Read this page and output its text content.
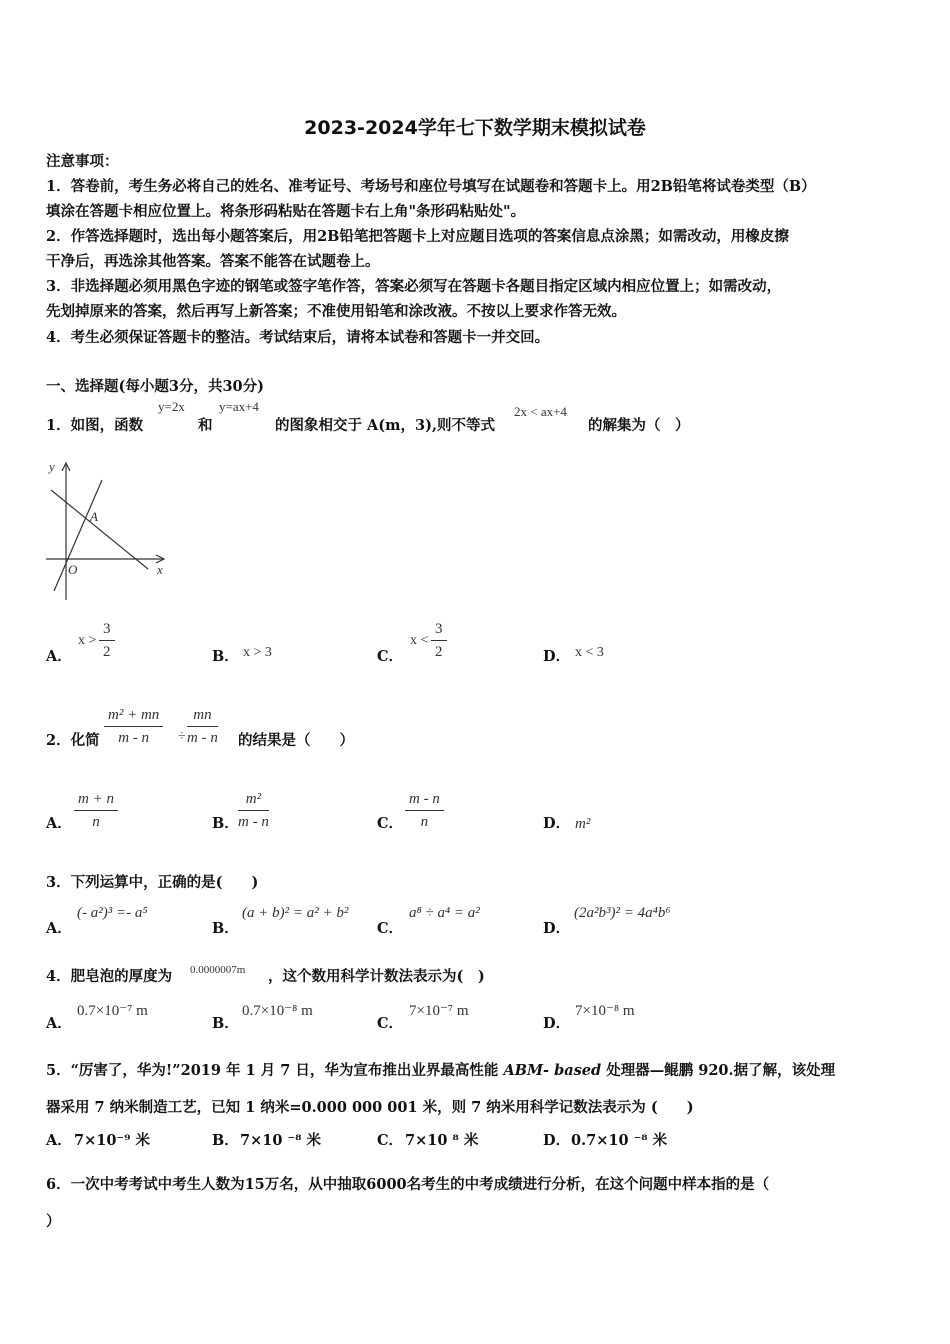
2023-2024学年七下数学期末模拟试卷
注意事项：
1．答卷前，考生务必将自己的姓名、准考证号、考场号和座位号填写在试题卷和答题卡上。用2B铅笔将试卷类型（B）
填涂在答题卡相应位置上。将条形码粘贴在答题卡右上角"条形码粘贴处"。
2．作答选择题时，选出每小题答案后，用2B铅笔把答题卡上对应题目选项的答案信息点涂黑；如需改动，用橡皮擦
干净后，再选涂其他答案。答案不能答在试题卷上。
3．非选择题必须用黑色字迹的钢笔或签字笔作答，答案必须写在答题卡各题目指定区域内相应位置上；如需改动，
先划掉原来的答案，然后再写上新答案；不准使用铅笔和涂改液。不按以上要求作答无效。
4．考生必须保证答题卡的整洁。考试结束后，请将本试卷和答题卡一并交回。
一、选择题(每小题3分，共30分)
1．如图，函数
y=2x
和
y=ax+4
的图象相交于 A(m，3),则不等式
2x < ax+4
的解集为（　）
y
x
O
A
A．
$x > \frac{3}{2}$	B． x > 3	C．
$x < \frac{3}{2}$	D． x < 3
2．化简 $\frac{\text{m² + mn}}{m - n} \div \frac{mn}{m - n}$ 的结果是（　　）
A． $\frac{m + n}{n}$	B． $\frac{\text{m²}}{m - n}$	C． $\frac{m - n}{n}$	D． m²
3．下列运算中，正确的是(　　)
A．
(- a²)³ =- a⁵
B．
(a + b)² = a² + b²
C．
a⁸ ÷ a⁴ = a²
D．
(2a²b³)² = 4a⁴b⁶
4．肥皂泡的厚度为 0.0000007m ，这个数用科学计数法表示为(　)
A．
0.7×10⁻⁷ m
B．
0.7×10⁻⁸ m
C．
7×10⁻⁷ m
D．
7×10⁻⁸ m
5．“厉害了，华为!”2019 年 1 月 7 日，华为宣布推出业界最高性能 ABM- based 处理器—鲲鹏 920.据了解，该处理
器采用 7 纳米制造工艺，已知 1 纳米=0.000 000 001 米，则 7 纳米用科学记数法表示为 (　　)
A． 7×10⁻⁹ 米	B． 7×10 ⁻⁸ 米	C． 7×10 ⁸ 米	D． 0.7×10 ⁻⁸ 米
6．一次中考考试中考生人数为15万名，从中抽取6000名考生的中考成绩进行分析，在这个问题中样本指的是（
）
